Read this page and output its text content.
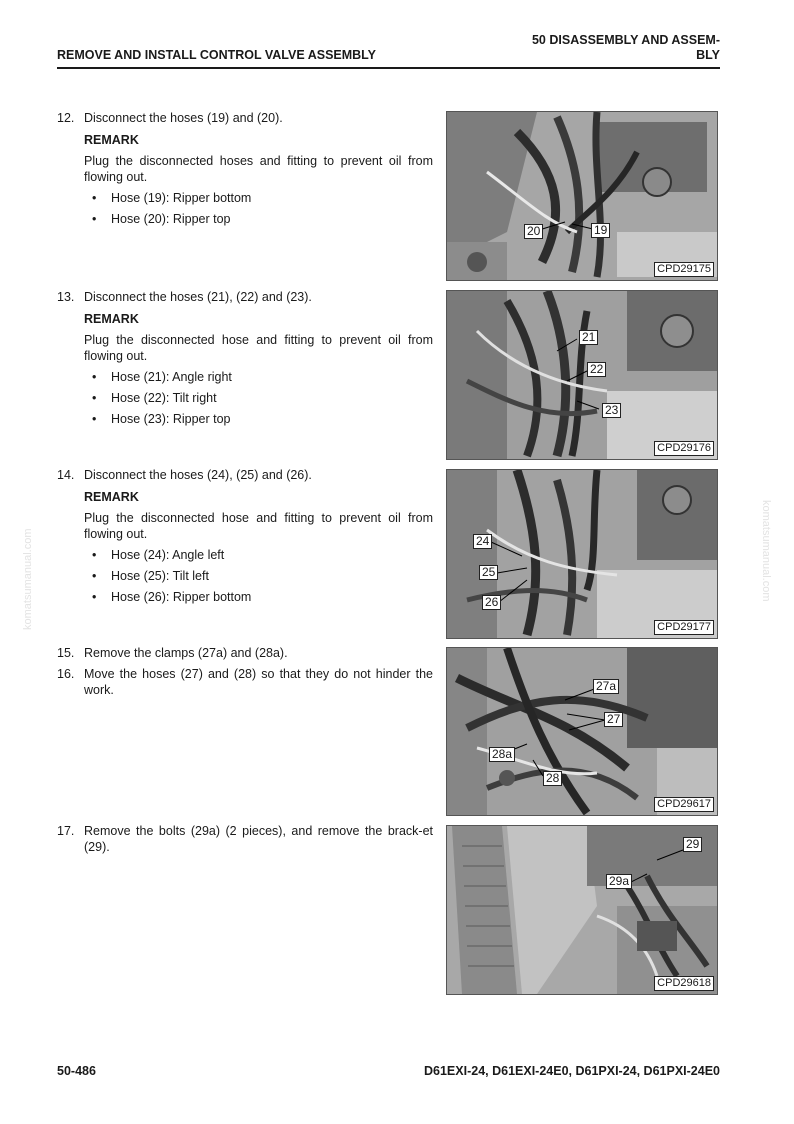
50 DISASSEMBLY AND ASSEM-
BLY
REMOVE AND INSTALL CONTROL VALVE ASSEMBLY
12. Disconnect the hoses (19) and (20).
REMARK
Plug the disconnected hoses and fitting to prevent oil from flowing out.
• Hose (19): Ripper bottom
• Hose (20): Ripper top
13. Disconnect the hoses (21), (22) and (23).
REMARK
Plug the disconnected hose and fitting to prevent oil from flowing out.
• Hose (21): Angle right
• Hose (22): Tilt right
• Hose (23): Ripper top
14. Disconnect the hoses (24), (25) and (26).
REMARK
Plug the disconnected hose and fitting to prevent oil from flowing out.
• Hose (24): Angle left
• Hose (25): Tilt left
• Hose (26): Ripper bottom
15. Remove the clamps (27a) and (28a).
16. Move the hoses (27) and (28) so that they do not hinder the work.
17. Remove the bolts (29a) (2 pieces), and remove the brack-et (29).
20	19
CPD29175
21
22
23
CPD29176
24
25
26
CPD29177
27a
27
28a
28
CPD29617
29
29a
CPD29618
komatsumanual.com	komatsumanual.com
50-486	D61EXI-24, D61EXI-24E0, D61PXI-24, D61PXI-24E0
